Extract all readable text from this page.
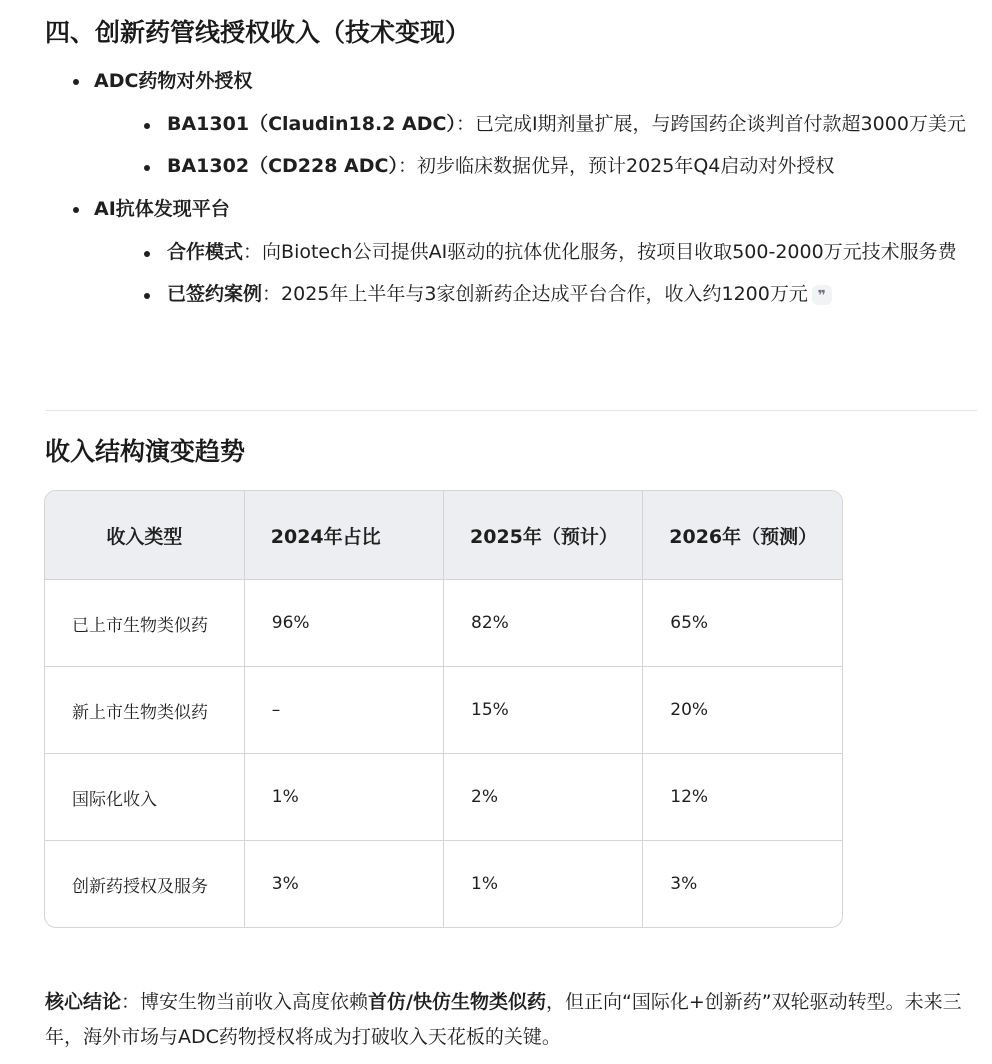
四、创新药管线授权收入（技术变现）
ADC药物对外授权
BA1301（Claudin18.2 ADC）：已完成I期剂量扩展，与跨国药企谈判首付款超3000万美元
BA1302（CD228 ADC）：初步临床数据优异，预计2025年Q4启动对外授权
AI抗体发现平台
合作模式：向Biotech公司提供AI驱动的抗体优化服务，按项目收取500-2000万元技术服务费
已签约案例：2025年上半年与3家创新药企达成平台合作，收入约1200万元 ❞
收入结构演变趋势
收入类型	2024年占比	2025年（预计）	2026年（预测）
已上市生物类似药	96%	82%	65%
新上市生物类似药	–	15%	20%
国际化收入	1%	2%	12%
创新药授权及服务	3%	1%	3%

核心结论：博安生物当前收入高度依赖首仿/快仿生物类似药，但正向“国际化+创新药”双轮驱动转型。未来三年，海外市场与ADC药物授权将成为打破收入天花板的关键。
